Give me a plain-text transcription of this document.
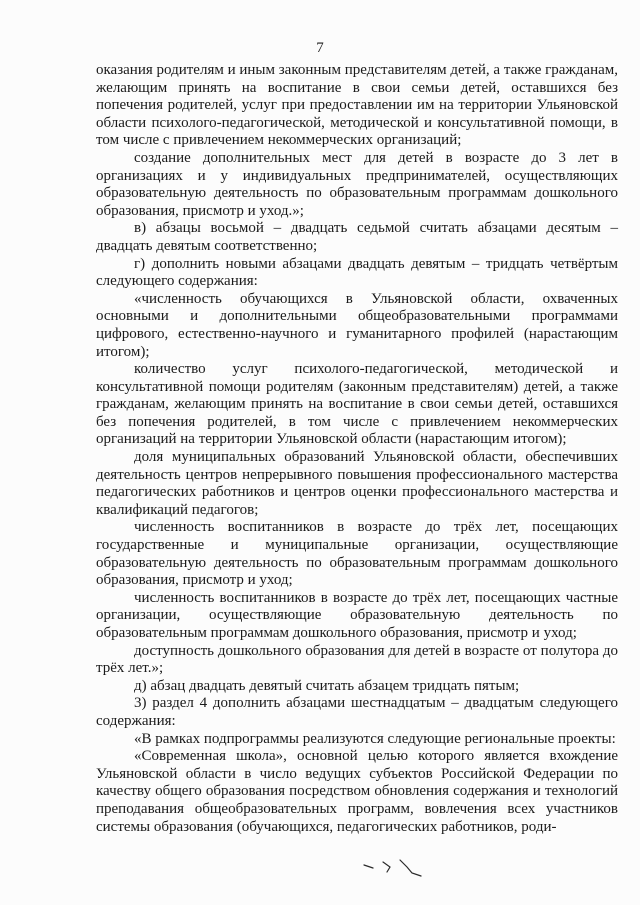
7

оказания родителям и иным законным представителям детей, а также гражданам, желающим принять на воспитание в свои семьи детей, оставшихся без попечения родителей, услуг при предоставлении им на территории Ульяновской области психолого-педагогической, методической и консультативной помощи, в том числе с привлечением некоммерческих организаций;

создание дополнительных мест для детей в возрасте до 3 лет в организациях и у индивидуальных предпринимателей, осуществляющих образовательную деятельность по образовательным программам дошкольного образования, присмотр и уход.»;

в) абзацы восьмой – двадцать седьмой считать абзацами десятым – двадцать девятым соответственно;

г) дополнить новыми абзацами двадцать девятым – тридцать четвёртым следующего содержания:

«численность обучающихся в Ульяновской области, охваченных основными и дополнительными общеобразовательными программами цифрового, естественно-научного и гуманитарного профилей (нарастающим итогом);

количество услуг психолого-педагогической, методической и консультативной помощи родителям (законным представителям) детей, а также гражданам, желающим принять на воспитание в свои семьи детей, оставшихся без попечения родителей, в том числе с привлечением некоммерческих организаций на территории Ульяновской области (нарастающим итогом);

доля муниципальных образований Ульяновской области, обеспечивших деятельность центров непрерывного повышения профессионального мастерства педагогических работников и центров оценки профессионального мастерства и квалификаций педагогов;

численность воспитанников в возрасте до трёх лет, посещающих государственные и муниципальные организации, осуществляющие образовательную деятельность по образовательным программам дошкольного образования, присмотр и уход;

численность воспитанников в возрасте до трёх лет, посещающих частные организации, осуществляющие образовательную деятельность по образовательным программам дошкольного образования, присмотр и уход;

доступность дошкольного образования для детей в возрасте от полутора до трёх лет.»;

д) абзац двадцать девятый считать абзацем тридцать пятым;

3) раздел 4 дополнить абзацами шестнадцатым – двадцатым следующего содержания:

«В рамках подпрограммы реализуются следующие региональные проекты:

«Современная школа», основной целью которого является вхождение Ульяновской области в число ведущих субъектов Российской Федерации по качеству общего образования посредством обновления содержания и технологий преподавания общеобразовательных программ, вовлечения всех участников системы образования (обучающихся, педагогических работников, роди-
